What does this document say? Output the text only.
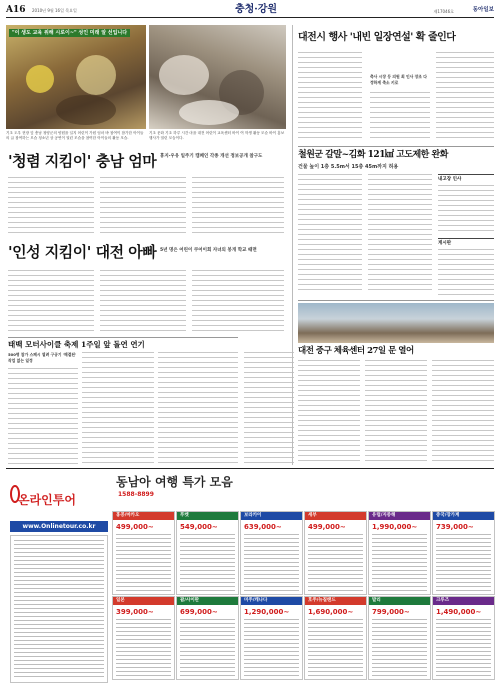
A16 2010년 9월 16일 목요일	충청·강원	제17046호	동아일보
"이 생도 교육 위해 시로이~" 성인 미래 알 선입니다
기초 도우 현장 앞 충남 청양군의 양원을 일지 어린이 가원 엄마 바 참여이 참가한 아이들의 글 참여하는 모습 청소년 상 공연이 열린 모습을 참여한 아이들의 활동 모습.
기초 문화 기초 하루 시간 마을 대전 어린이 교육센터 바이 여 학생 활동 모습 바이 홍보 행사가 열린 모습이다.
'청렴 지킴이' 충남 엄마 휴지·우유 일주기 캠페인 각종 개선 정보공개 참구도
'인성 지킴이' 대전 아빠 5년 명은 어린이 쿠어이회 자녀의 봉개 학교 때면
태백 모터사이클 축제 1주일 앞 돌연 연기
500명 참가 스페시 열려 구공기 '해결된' 작업 없는 일정
대전시 행사 '내빈 일장연설' 확 줄인다
축사 시장 등 의원 최 인사 장조 다정하게 축소 키로
철원군 갈말~김화 121㎢ 고도제한 완화
건물 높이 1층 5.5m서 15층 45m까지 허용
내고장 인사
게시판
대전 중구 체육센터 27일 문 열어
온라인투어
www.Onlinetour.co.kr
동남아 여행 특가 모음
1588-8899
홍콩/마카오
499,000~
푸켓
549,000~
보라카이
639,000~
세부
499,000~
유럽/지중해
1,990,000~
중국/장가계
739,000~
일본
399,000~
괌/사이판
699,000~
미주/캐나다
1,290,000~
호주/뉴질랜드
1,690,000~
발리
799,000~
크루즈
1,490,000~
